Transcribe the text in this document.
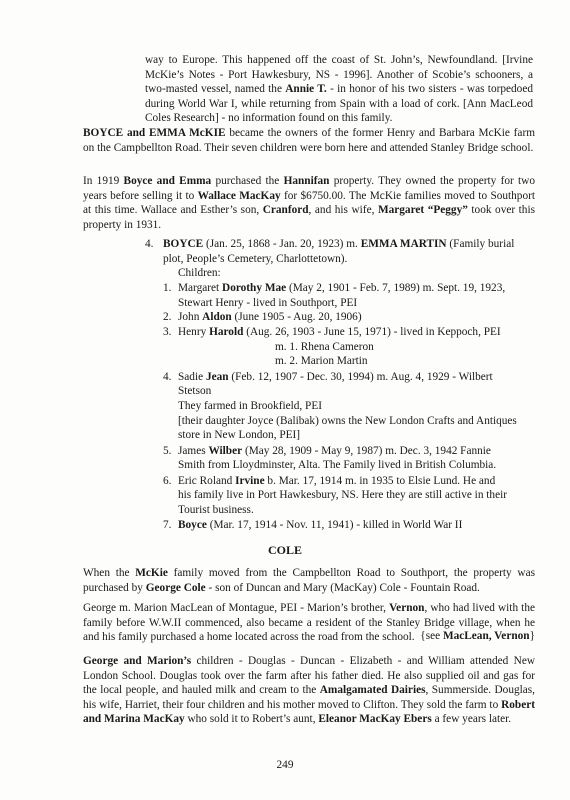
way to Europe. This happened off the coast of St. John’s, Newfoundland. [Irvine McKie’s Notes - Port Hawkesbury, NS - 1996]. Another of Scobie’s schooners, a two-masted vessel, named the Annie T. - in honor of his two sisters - was torpedoed during World War I, while returning from Spain with a load of cork. [Ann MacLeod Coles Research] - no information found on this family.

BOYCE and EMMA McKIE became the owners of the former Henry and Barbara McKie farm on the Campbellton Road. Their seven children were born here and attended Stanley Bridge school.

In 1919 Boyce and Emma purchased the Hannifan property. They owned the property for two years before selling it to Wallace MacKay for $6750.00. The McKie families moved to Southport at this time. Wallace and Esther’s son, Cranford, and his wife, Margaret “Peggy” took over this property in 1931.

4. BOYCE (Jan. 25, 1868 - Jan. 20, 1923) m. EMMA MARTIN (Family burial
plot, People’s Cemetery, Charlottetown).
Children:
1. Margaret Dorothy Mae (May 2, 1901 - Feb. 7, 1989) m. Sept. 19, 1923,
Stewart Henry - lived in Southport, PEI
2. John Aldon (June 1905 - Aug. 20, 1906)
3. Henry Harold (Aug. 26, 1903 - June 15, 1971) - lived in Keppoch, PEI
m. 1. Rhena Cameron
m. 2. Marion Martin
4. Sadie Jean (Feb. 12, 1907 - Dec. 30, 1994) m. Aug. 4, 1929 - Wilbert
Stetson
They farmed in Brookfield, PEI
[their daughter Joyce (Balibak) owns the New London Crafts and Antiques
store in New London, PEI]
5. James Wilber (May 28, 1909 - May 9, 1987) m. Dec. 3, 1942 Fannie
Smith from Lloydminster, Alta. The Family lived in British Columbia.
6. Eric Roland Irvine b. Mar. 17, 1914 m. in 1935 to Elsie Lund. He and
his family live in Port Hawkesbury, NS. Here they are still active in their
Tourist business.
7. Boyce (Mar. 17, 1914 - Nov. 11, 1941) - killed in World War II
COLE

When the McKie family moved from the Campbellton Road to Southport, the property was purchased by George Cole - son of Duncan and Mary (MacKay) Cole - Fountain Road.

George m. Marion MacLean of Montague, PEI - Marion’s brother, Vernon, who had lived with the family before W.W.II commenced, also became a resident of the Stanley Bridge village, when he and his family purchased a home located across the road from the school. {see MacLean, Vernon}

George and Marion’s children - Douglas - Duncan - Elizabeth - and William attended New London School. Douglas took over the farm after his father died. He also supplied oil and gas for the local people, and hauled milk and cream to the Amalgamated Dairies, Summerside. Douglas, his wife, Harriet, their four children and his mother moved to Clifton. They sold the farm to Robert and Marina MacKay who sold it to Robert’s aunt, Eleanor MacKay Ebers a few years later.

249
